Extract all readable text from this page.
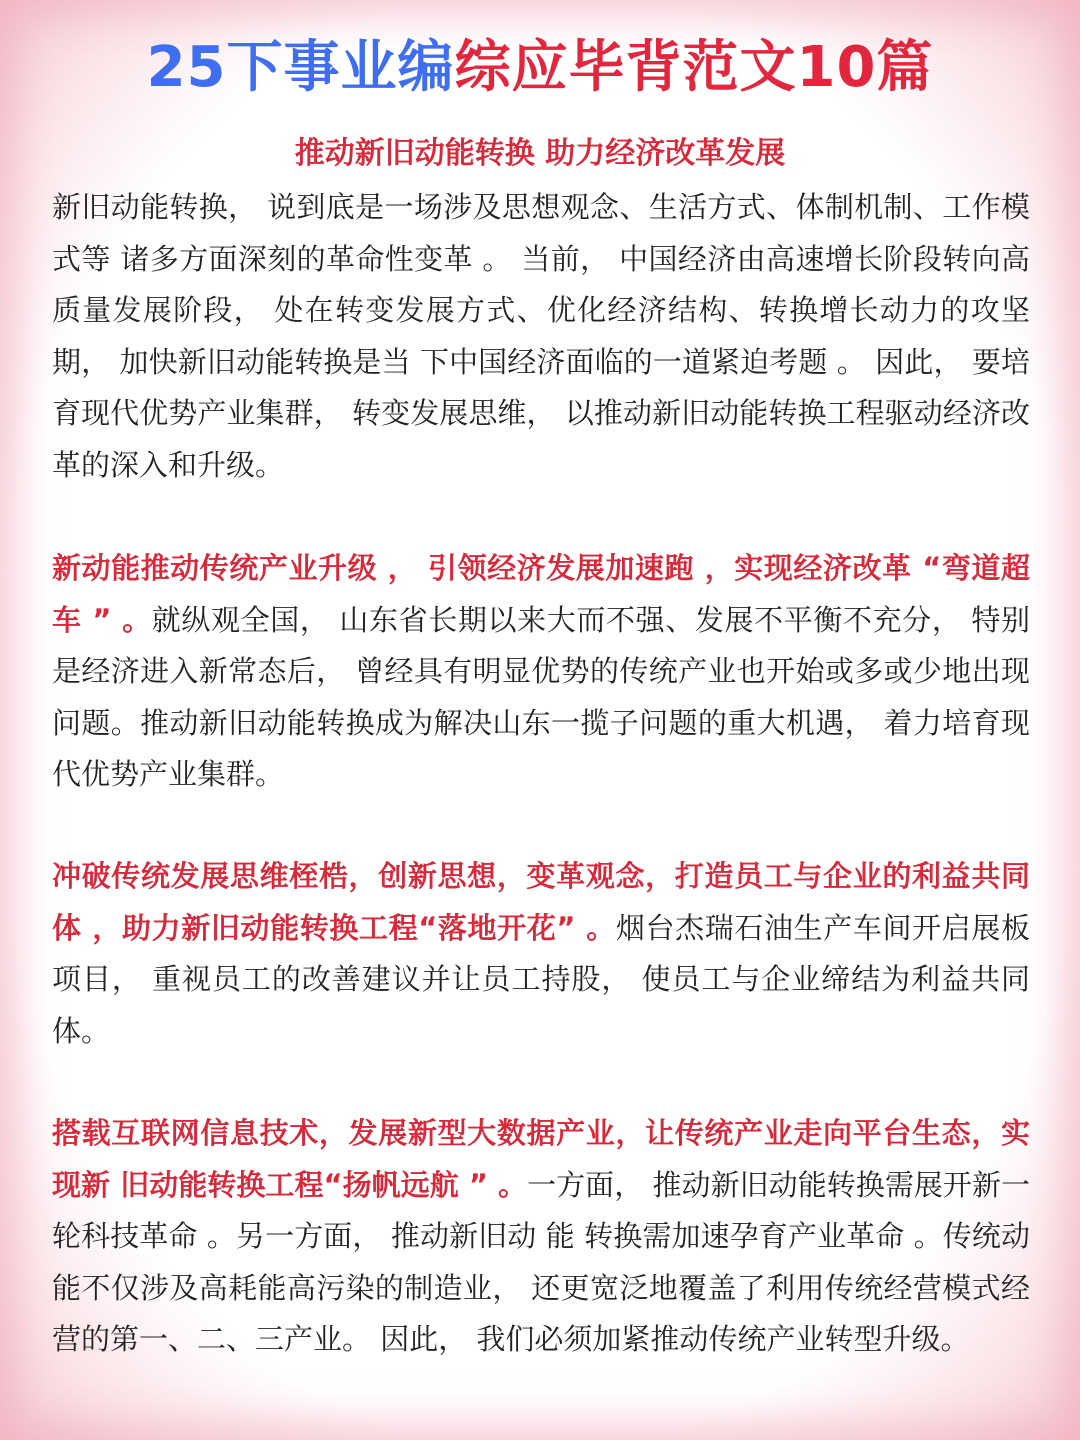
25下事业编综应毕背范文10篇
推动新旧动能转换 助力经济改革发展
新旧动能转换， 说到底是一场涉及思想观念、生活方式、体制机制、工作模式等 诸多方面深刻的革命性变革 。 当前， 中国经济由高速增长阶段转向高质量发展阶段， 处在转变发展方式、优化经济结构、转换增长动力的攻坚期， 加快新旧动能转换是当 下中国经济面临的一道紧迫考题 。 因此， 要培育现代优势产业集群， 转变发展思维， 以推动新旧动能转换工程驱动经济改革的深入和升级。
新动能推动传统产业升级 ， 引领经济发展加速跑 ，实现经济改革 “弯道超车 ” 。就纵观全国， 山东省长期以来大而不强、发展不平衡不充分， 特别是经济进入新常态后， 曾经具有明显优势的传统产业也开始或多或少地出现问题。推动新旧动能转换成为解决山东一揽子问题的重大机遇， 着力培育现代优势产业集群。
冲破传统发展思维桎梏，创新思想，变革观念，打造员工与企业的利益共同体 ，助力新旧动能转换工程“落地开花” 。烟台杰瑞石油生产车间开启展板项目， 重视员工的改善建议并让员工持股， 使员工与企业缔结为利益共同体。
搭载互联网信息技术，发展新型大数据产业，让传统产业走向平台生态，实现新 旧动能转换工程“扬帆远航 ” 。一方面， 推动新旧动能转换需展开新一轮科技革命 。另一方面， 推动新旧动 能 转换需加速孕育产业革命 。传统动能不仅涉及高耗能高污染的制造业， 还更宽泛地覆盖了利用传统经营模式经营的第一、二、三产业。 因此， 我们必须加紧推动传统产业转型升级。
